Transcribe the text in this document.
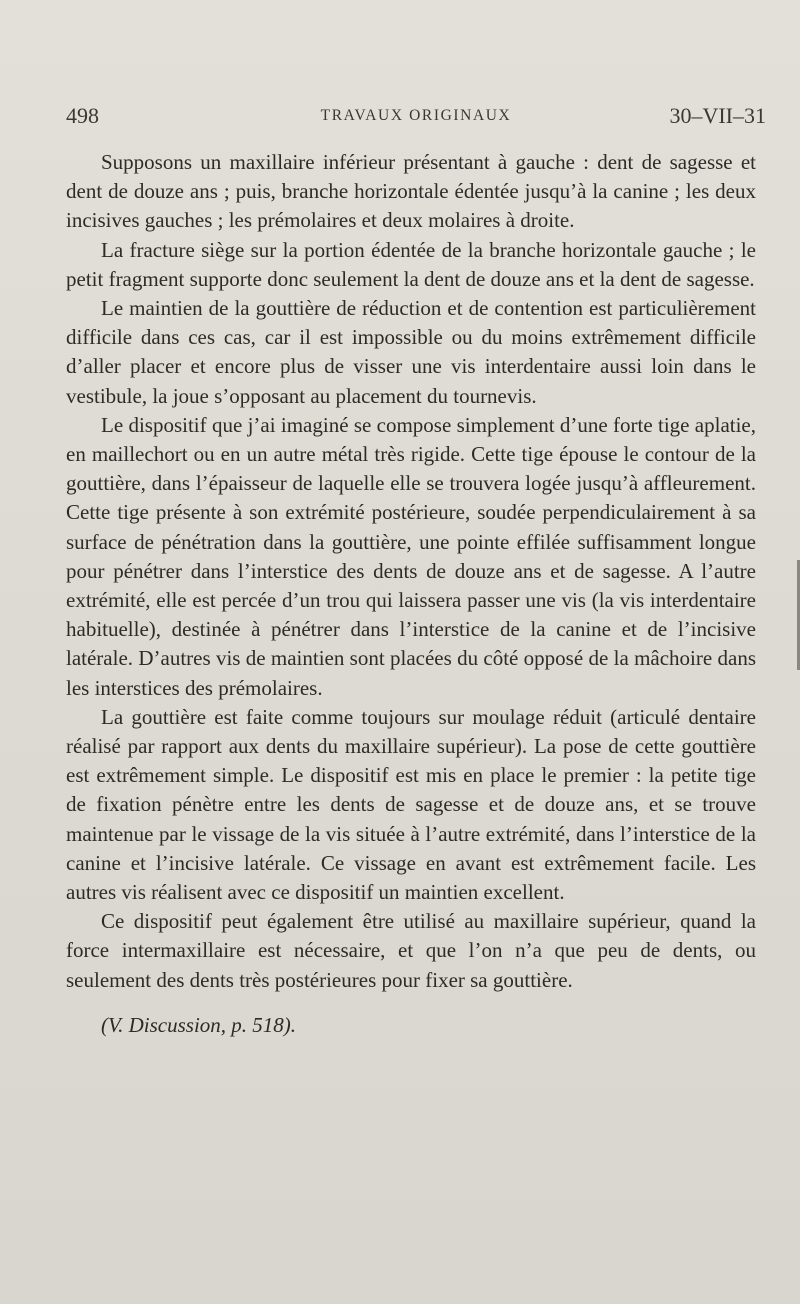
498	TRAVAUX ORIGINAUX	30–VII–31

Supposons un maxillaire inférieur présentant à gauche : dent de sagesse et dent de douze ans ; puis, branche horizontale édentée jusqu’à la canine ; les deux incisives gauches ; les prémolaires et deux molaires à droite.

La fracture siège sur la portion édentée de la branche horizontale gauche ; le petit fragment supporte donc seulement la dent de douze ans et la dent de sagesse.

Le maintien de la gouttière de réduction et de contention est particulièrement difficile dans ces cas, car il est impossible ou du moins extrêmement difficile d’aller placer et encore plus de visser une vis interdentaire aussi loin dans le vestibule, la joue s’opposant au placement du tournevis.

Le dispositif que j’ai imaginé se compose simplement d’une forte tige aplatie, en maillechort ou en un autre métal très rigide. Cette tige épouse le contour de la gouttière, dans l’épaisseur de laquelle elle se trouvera logée jusqu’à affleurement. Cette tige présente à son extrémité postérieure, soudée perpendiculairement à sa surface de pénétration dans la gouttière, une pointe effilée suffisamment longue pour pénétrer dans l’interstice des dents de douze ans et de sagesse. A l’autre extrémité, elle est percée d’un trou qui laissera passer une vis (la vis interdentaire habituelle), destinée à pénétrer dans l’interstice de la canine et de l’incisive latérale. D’autres vis de maintien sont placées du côté opposé de la mâchoire dans les interstices des prémolaires.

La gouttière est faite comme toujours sur moulage réduit (articulé dentaire réalisé par rapport aux dents du maxillaire supérieur). La pose de cette gouttière est extrêmement simple. Le dispositif est mis en place le premier : la petite tige de fixation pénètre entre les dents de sagesse et de douze ans, et se trouve maintenue par le vissage de la vis située à l’autre extrémité, dans l’interstice de la canine et l’incisive latérale. Ce vissage en avant est extrêmement facile. Les autres vis réalisent avec ce dispositif un maintien excellent.

Ce dispositif peut également être utilisé au maxillaire supérieur, quand la force intermaxillaire est nécessaire, et que l’on n’a que peu de dents, ou seulement des dents très postérieures pour fixer sa gouttière.

(V. Discussion, p. 518).
